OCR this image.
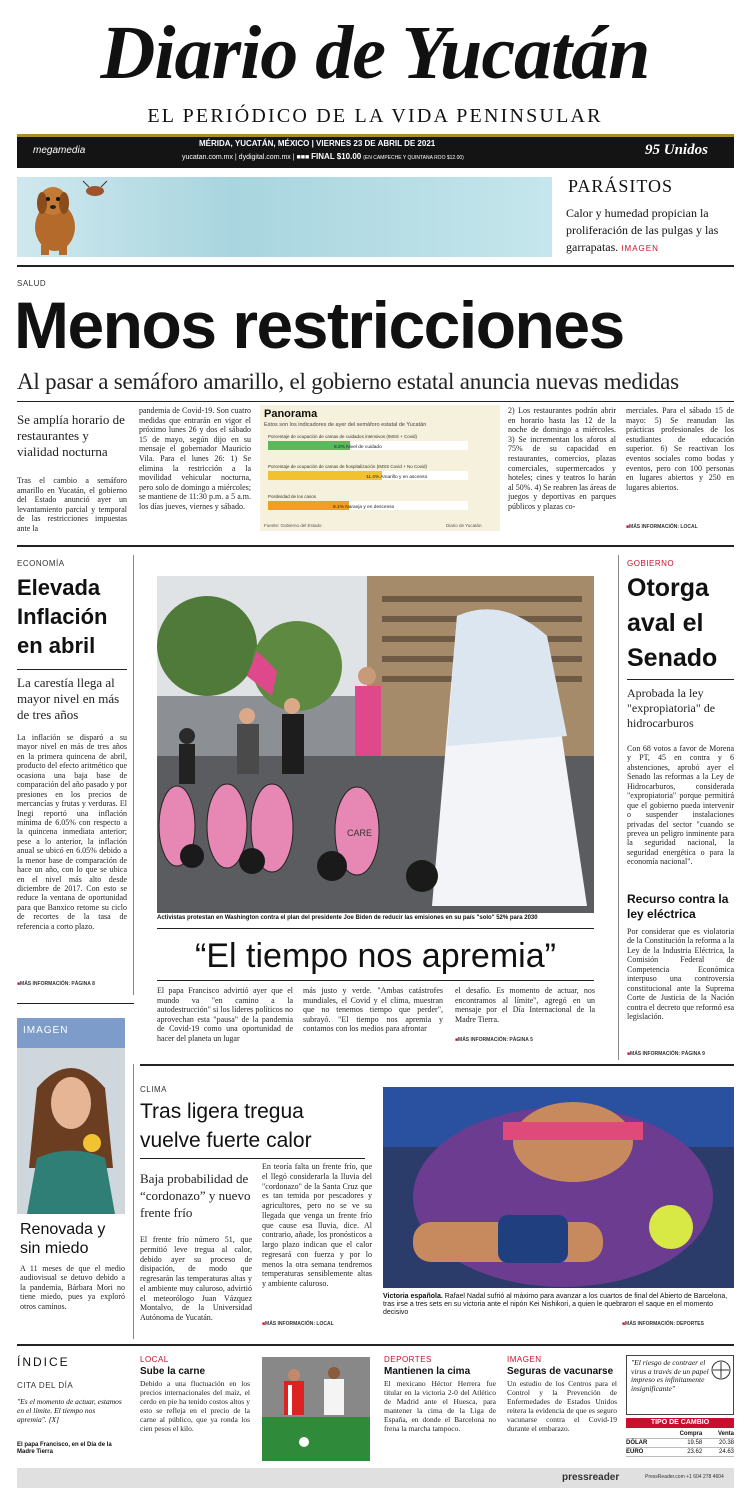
Diario de Yucatán
EL PERIÓDICO DE LA VIDA PENINSULAR
megamedia
MÉRIDA, YUCATÁN, MÉXICO | VIERNES 23 DE ABRIL DE 2021
yucatan.com.mx | dydigital.com.mx | ■■■ FINAL $10.00 (EN CAMPECHE Y QUINTANA ROO $12.00)	95 Unidos
PARÁSITOS
Calor y humedad propician la proliferación de las pulgas y las garrapatas. IMAGEN
SALUD
Menos restricciones
Al pasar a semáforo amarillo, el gobierno estatal anuncia nuevas medidas
Se amplía horario de restaurantes y vialidad nocturna
Tras el cambio a semáforo amarillo en Yucatán, el gobierno del Estado anunció ayer un levantamiento parcial y temporal de las restricciones impuestas ante la
pandemia de Covid-19. Son cuatro medidas que entrarán en vigor el próximo lunes 26 y dos el sábado 15 de mayo, según dijo en su mensaje el gobernador Mauricio Vila. Para el lunes 26: 1) Se elimina la restricción a la movilidad vehicular nocturna, pero solo de domingo a miércoles; se mantiene de 11:30 p.m. a 5 a.m. los días jueves, viernes y sábado.
Panorama
Estos son los indicadores de ayer del semáforo estatal de Yucatán
Porcentaje de ocupación de camas de cuidados intensivos (IMSS + Covid)
8.2% Nivel de cuidado
Porcentaje de ocupación de camas de hospitalización (IMSS Covid + No Covid)
11.4% Amarillo y en ascenso
Positividad de los casos
8.1% Naranja y en descenso
Fuente: Gobierno del Estado	Diario de Yucatán
2) Los restaurantes podrán abrir en horario hasta las 12 de la noche de domingo a miércoles. 3) Se incrementan los aforos al 75% de su capacidad en restaurantes, comercios, plazas comerciales, supermercados y hoteles; cines y teatros lo harán al 50%. 4) Se reabren las áreas de juegos y deportivas en parques públicos y plazas co-
merciales. Para el sábado 15 de mayo: 5) Se reanudan las prácticas profesionales de los estudiantes de educación superior. 6) Se reactivan los eventos sociales como bodas y eventos, pero con 100 personas en lugares abiertos y 250 en lugares abiertos.
■ MÁS INFORMACIÓN: LOCAL
ECONOMÍA
Elevada Inflación en abril
La carestía llega al mayor nivel en más de tres años
La inflación se disparó a su mayor nivel en más de tres años en la primera quincena de abril, producto del efecto aritmético que ocasiona una baja base de comparación del año pasado y por presiones en los precios de mercancías y frutas y verduras. El Inegi reportó una inflación mínima de 6.05% con respecto a la quincena inmediata anterior; pese a lo anterior, la inflación anual se ubicó en 6.05% debido a la menor base de comparación de hace un año, con lo que se ubica en el nivel más alto desde diciembre de 2017. Con esto se reduce la ventana de oportunidad para que Banxico retome su ciclo de recortes de la tasa de referencia a corto plazo.
■ MÁS INFORMACIÓN: PÁGINA 8
CARE
Activistas protestan en Washington contra el plan del presidente Joe Biden de reducir las emisiones en su país "solo" 52% para 2030
“El tiempo nos apremia”
El papa Francisco advirtió ayer que el mundo va "en camino a la autodestrucción" si los líderes políticos no aprovechan esta "pausa" de la pandemia de Covid-19 como una oportunidad de hacer del planeta un lugar
más justo y verde. "Ambas catástrofes mundiales, el Covid y el clima, muestran que no tenemos tiempo que perder", subrayó. "El tiempo nos apremia y contamos con los medios para afrontar
el desafío. Es momento de actuar, nos encontramos al límite", agregó en un mensaje por el Día Internacional de la Madre Tierra.
■ MÁS INFORMACIÓN: PÁGINA 5
GOBIERNO
Otorga aval el Senado
Aprobada la ley "expropiatoria" de hidrocarburos
Con 68 votos a favor de Morena y PT, 45 en contra y 6 abstenciones, aprobó ayer el Senado las reformas a la Ley de Hidrocarburos, considerada "expropiatoria" porque permitirá que el gobierno pueda intervenir o suspender instalaciones privadas del sector "cuando se prevea un peligro inminente para la seguridad nacional, la seguridad energética o para la economía nacional".
Recurso contra la ley eléctrica
Por considerar que es violatoria de la Constitución la reforma a la Ley de la Industria Eléctrica, la Comisión Federal de Competencia Económica interpuso una controversia constitucional ante la Suprema Corte de Justicia de la Nación contra el decreto que reformó esa legislación.
■ MÁS INFORMACIÓN: PÁGINA 9
IMAGEN
Renovada y sin miedo
A 11 meses de que el medio audiovisual se detuvo debido a la pandemia, Bárbara Mori no tiene miedo, pues ya exploró otros caminos.
CLIMA
Tras ligera tregua vuelve fuerte calor
Baja probabilidad de “cordonazo” y nuevo frente frío
El frente frío número 51, que permitió leve tregua al calor, debido ayer su proceso de disipación, de modo que regresarán las temperaturas altas y el ambiente muy caluroso, advirtió el meteorólogo Juan Vázquez Montalvo, de la Universidad Autónoma de Yucatán.
En teoría falta un frente frío, que el llegó considerarla la lluvia del "cordonazo" de la Santa Cruz que es tan temida por pescadores y agricultores, pero no se ve su llegada que venga un frente frío que cause esa lluvia, dice. Al contrario, añade, los pronósticos a largo plazo indican que el calor regresará con fuerza y por lo menos la otra semana tendremos temperaturas sensiblemente altas y ambiente caluroso.
■ MÁS INFORMACIÓN: LOCAL
Victoria española. Rafael Nadal sufrió al máximo para avanzar a los cuartos de final del Abierto de Barcelona, tras irse a tres sets en su victoria ante el nipón Kei Nishikori, a quien le quebraron el saque en el momento decisivo
■ MÁS INFORMACIÓN: DEPORTES
ÍNDICE
CITA DEL DÍA
"Es el momento de actuar, estamos en el límite. El tiempo nos apremia". [X]
El papa Francisco, en el Día de la Madre Tierra
LOCAL
Sube la carne
Debido a una fluctuación en los precios internacionales del maíz, el cerdo en pie ha tenido costos altos y esto se refleja en el precio de la carne al público, que ya ronda los cien pesos el kilo.
DEPORTES
Mantienen la cima
El mexicano Héctor Herrera fue titular en la victoria 2-0 del Atlético de Madrid ante el Huesca, para mantener la cima de la Liga de España, en donde el Barcelona no frena la marcha tampoco.
IMAGEN
Seguras de vacunarse
Un estudio de los Centros para el Control y la Prevención de Enfermedades de Estados Unidos reitera la evidencia de que es seguro vacunarse contra el Covid-19 durante el embarazo.
"El riesgo de contraer el virus a través de un papel impreso es infinitamente insignificante"
TIPO DE CAMBIO
Compra	Venta
DÓLAR	19.58	20.38
EURO	23.62	24.63
pressreader	PressReader.com +1 604 278 4604
